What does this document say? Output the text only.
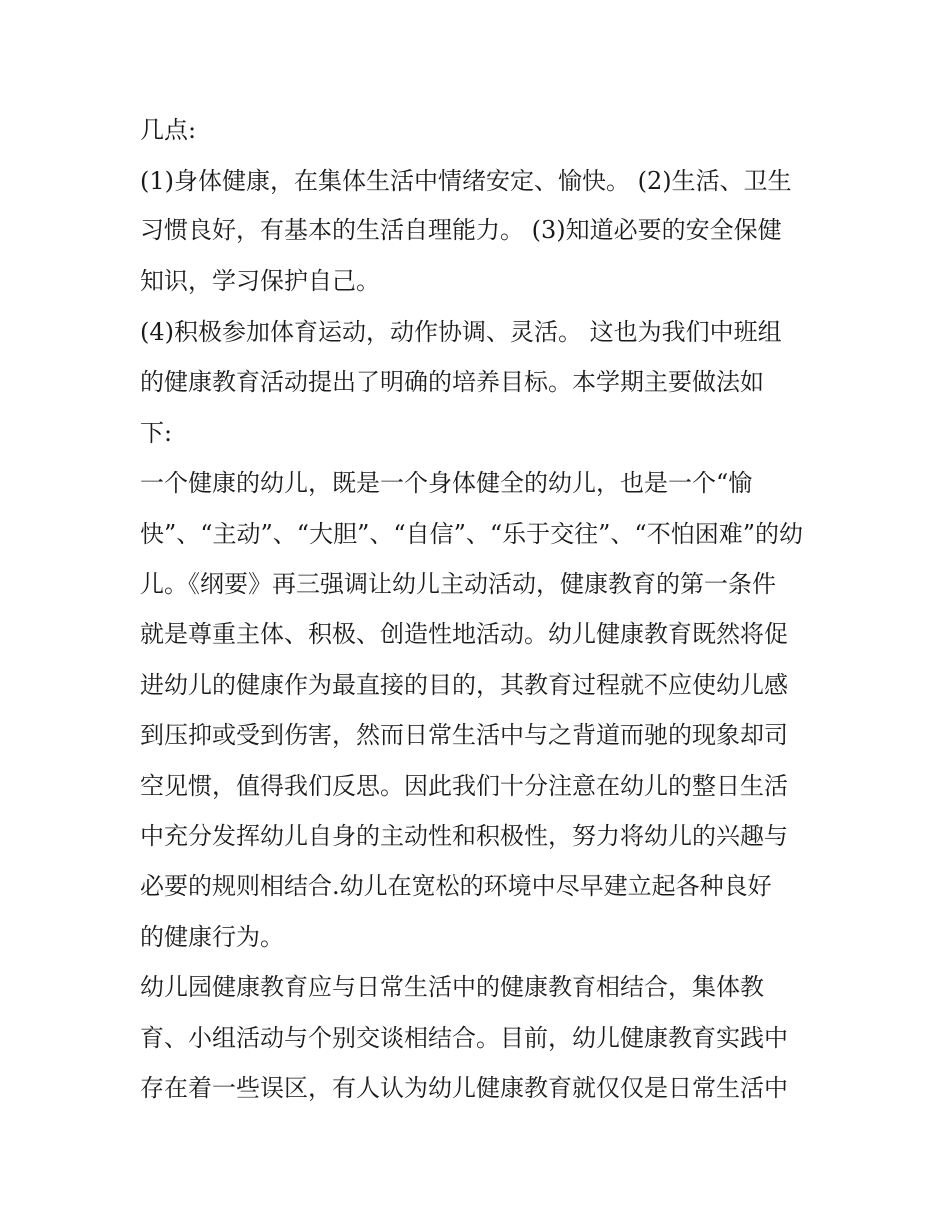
几点:
(1)身体健康，在集体生活中情绪安定、愉快。 (2)生活、卫生
习惯良好，有基本的生活自理能力。 (3)知道必要的安全保健
知识，学习保护自己。
(4)积极参加体育运动，动作协调、灵活。 这也为我们中班组
的健康教育活动提出了明确的培养目标。本学期主要做法如
下:
一个健康的幼儿，既是一个身体健全的幼儿，也是一个“愉
快”、“主动”、“大胆”、“自信”、“乐于交往”、“不怕困难”的幼
儿。《纲要》再三强调让幼儿主动活动，健康教育的第一条件
就是尊重主体、积极、创造性地活动。幼儿健康教育既然将促
进幼儿的健康作为最直接的目的，其教育过程就不应使幼儿感
到压抑或受到伤害，然而日常生活中与之背道而驰的现象却司
空见惯，值得我们反思。因此我们十分注意在幼儿的整日生活
中充分发挥幼儿自身的主动性和积极性，努力将幼儿的兴趣与
必要的规则相结合.幼儿在宽松的环境中尽早建立起各种良好
的健康行为。
幼儿园健康教育应与日常生活中的健康教育相结合，集体教
育、小组活动与个别交谈相结合。目前，幼儿健康教育实践中
存在着一些误区，有人认为幼儿健康教育就仅仅是日常生活中
